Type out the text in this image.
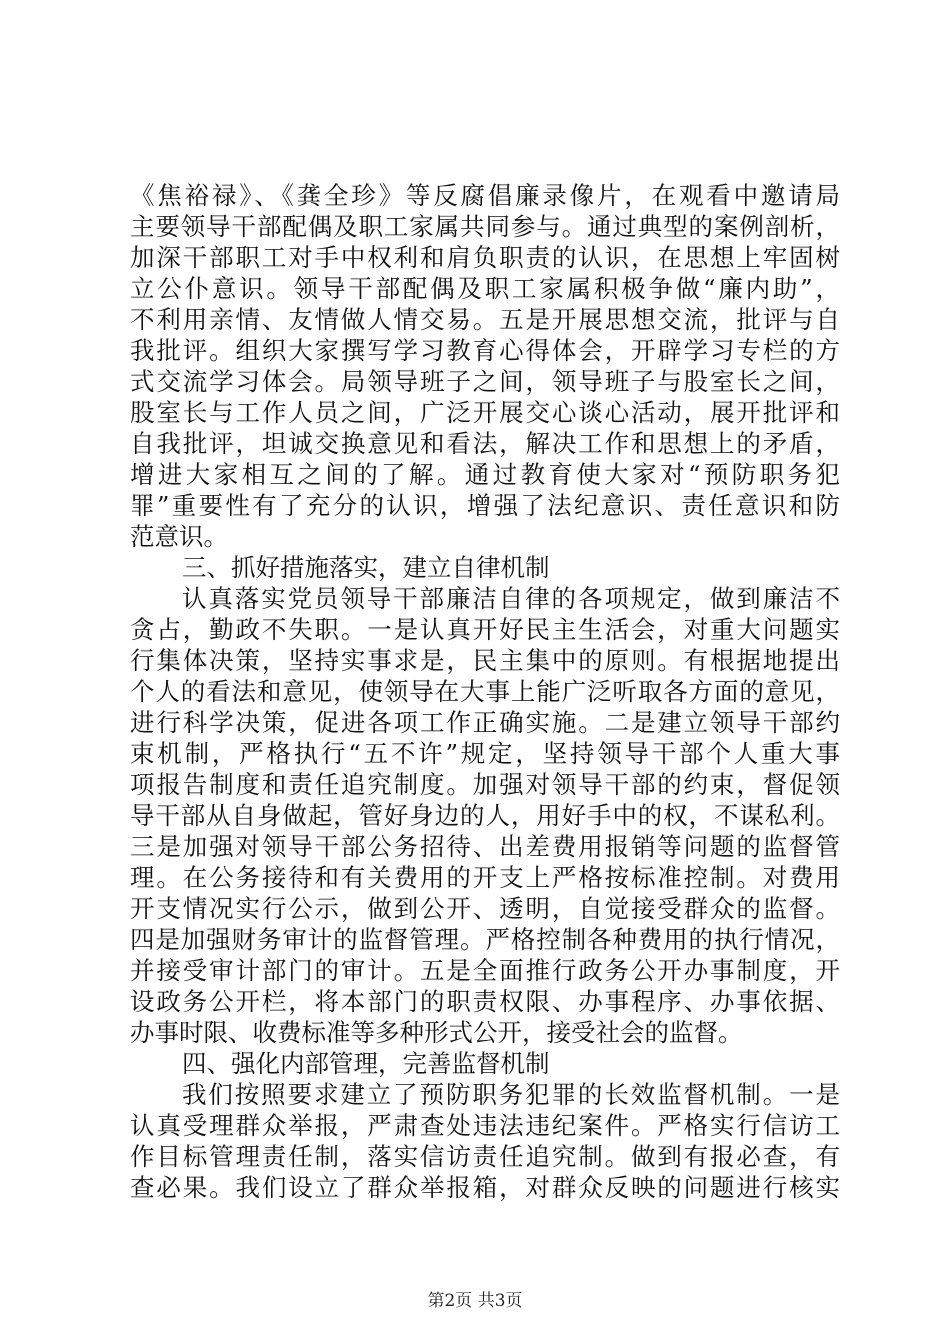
《焦裕禄》、《龚全珍》等反腐倡廉录像片，在观看中邀请局
主要领导干部配偶及职工家属共同参与。通过典型的案例剖析，
加深干部职工对手中权利和肩负职责的认识，在思想上牢固树
立公仆意识。领导干部配偶及职工家属积极争做“廉内助”，
不利用亲情、友情做人情交易。五是开展思想交流，批评与自
我批评。组织大家撰写学习教育心得体会，开辟学习专栏的方
式交流学习体会。局领导班子之间，领导班子与股室长之间，
股室长与工作人员之间，广泛开展交心谈心活动，展开批评和
自我批评，坦诚交换意见和看法，解决工作和思想上的矛盾，
增进大家相互之间的了解。通过教育使大家对“预防职务犯
罪”重要性有了充分的认识，增强了法纪意识、责任意识和防
范意识。
三、抓好措施落实，建立自律机制
认真落实党员领导干部廉洁自律的各项规定，做到廉洁不
贪占，勤政不失职。一是认真开好民主生活会，对重大问题实
行集体决策，坚持实事求是，民主集中的原则。有根据地提出
个人的看法和意见，使领导在大事上能广泛听取各方面的意见，
进行科学决策，促进各项工作正确实施。二是建立领导干部约
束机制，严格执行“五不许”规定，坚持领导干部个人重大事
项报告制度和责任追究制度。加强对领导干部的约束，督促领
导干部从自身做起，管好身边的人，用好手中的权，不谋私利。
三是加强对领导干部公务招待、出差费用报销等问题的监督管
理。在公务接待和有关费用的开支上严格按标准控制。对费用
开支情况实行公示，做到公开、透明，自觉接受群众的监督。
四是加强财务审计的监督管理。严格控制各种费用的执行情况，
并接受审计部门的审计。五是全面推行政务公开办事制度，开
设政务公开栏，将本部门的职责权限、办事程序、办事依据、
办事时限、收费标准等多种形式公开，接受社会的监督。
四、强化内部管理，完善监督机制
我们按照要求建立了预防职务犯罪的长效监督机制。一是
认真受理群众举报，严肃查处违法违纪案件。严格实行信访工
作目标管理责任制，落实信访责任追究制。做到有报必查，有
查必果。我们设立了群众举报箱，对群众反映的问题进行核实
第2页 共3页
